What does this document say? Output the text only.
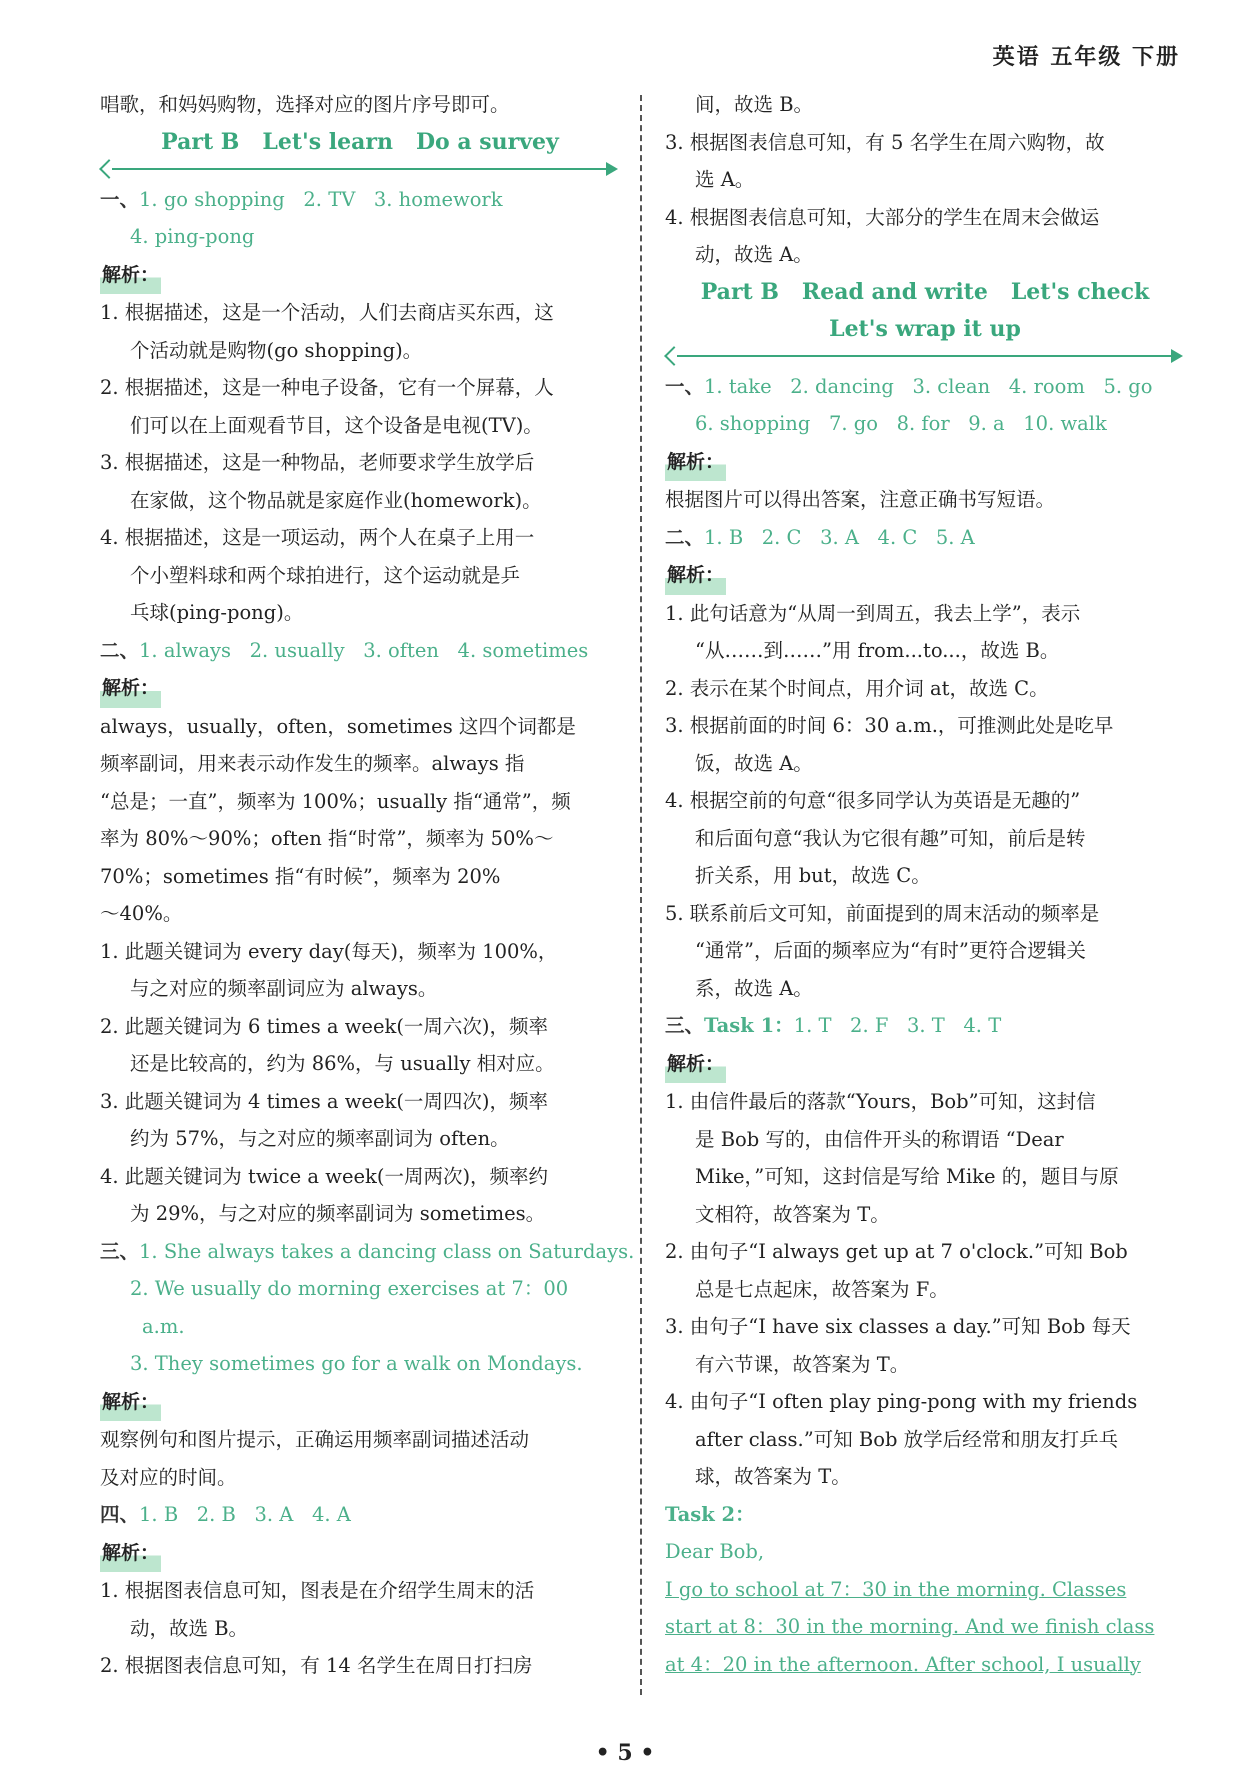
英语 五年级 下册
唱歌，和妈妈购物，选择对应的图片序号即可。
Part B   Let's learn   Do a survey
一、1. go shopping   2. TV   3. homework
4. ping-pong
解析：
1. 根据描述，这是一个活动，人们去商店买东西，这
个活动就是购物(go shopping)。
2. 根据描述，这是一种电子设备，它有一个屏幕，人
们可以在上面观看节目，这个设备是电视(TV)。
3. 根据描述，这是一种物品，老师要求学生放学后
在家做，这个物品就是家庭作业(homework)。
4. 根据描述，这是一项运动，两个人在桌子上用一
个小塑料球和两个球拍进行，这个运动就是乒
乓球(ping-pong)。
二、1. always   2. usually   3. often   4. sometimes
解析：
always，usually，often，sometimes 这四个词都是
频率副词，用来表示动作发生的频率。always 指
“总是；一直”，频率为 100%；usually 指“通常”，频
率为 80%～90%；often 指“时常”，频率为 50%～
70%；sometimes 指“有时候”，频率为 20%
～40%。
1. 此题关键词为 every day(每天)，频率为 100%，
与之对应的频率副词应为 always。
2. 此题关键词为 6 times a week(一周六次)，频率
还是比较高的，约为 86%，与 usually 相对应。
3. 此题关键词为 4 times a week(一周四次)，频率
约为 57%，与之对应的频率副词为 often。
4. 此题关键词为 twice a week(一周两次)，频率约
为 29%，与之对应的频率副词为 sometimes。
三、1. She always takes a dancing class on Saturdays.
2. We usually do morning exercises at 7：00
a.m.
3. They sometimes go for a walk on Mondays.
解析：
观察例句和图片提示，正确运用频率副词描述活动
及对应的时间。
四、1. B   2. B   3. A   4. A
解析：
1. 根据图表信息可知，图表是在介绍学生周末的活
动，故选 B。
2. 根据图表信息可知，有 14 名学生在周日打扫房
间，故选 B。
3. 根据图表信息可知，有 5 名学生在周六购物，故
选 A。
4. 根据图表信息可知，大部分的学生在周末会做运
动，故选 A。
Part B   Read and write   Let's check
Let's wrap it up
一、1. take   2. dancing   3. clean   4. room   5. go
6. shopping   7. go   8. for   9. a   10. walk
解析：
根据图片可以得出答案，注意正确书写短语。
二、1. B   2. C   3. A   4. C   5. A
解析：
1. 此句话意为“从周一到周五，我去上学”，表示
“从……到……”用 from...to...，故选 B。
2. 表示在某个时间点，用介词 at，故选 C。
3. 根据前面的时间 6：30 a.m.，可推测此处是吃早
饭，故选 A。
4. 根据空前的句意“很多同学认为英语是无趣的”
和后面句意“我认为它很有趣”可知，前后是转
折关系，用 but，故选 C。
5. 联系前后文可知，前面提到的周末活动的频率是
“通常”，后面的频率应为“有时”更符合逻辑关
系，故选 A。
三、Task 1：1. T   2. F   3. T   4. T
解析：
1. 由信件最后的落款“Yours，Bob”可知，这封信
是 Bob 写的，由信件开头的称谓语 “Dear
Mike，”可知，这封信是写给 Mike 的，题目与原
文相符，故答案为 T。
2. 由句子“I always get up at 7 o'clock.”可知 Bob
总是七点起床，故答案为 F。
3. 由句子“I have six classes a day.”可知 Bob 每天
有六节课，故答案为 T。
4. 由句子“I often play ping-pong with my friends
after class.”可知 Bob 放学后经常和朋友打乒乓
球，故答案为 T。
Task 2：
Dear Bob,
I go to school at 7：30 in the morning. Classes
start at 8：30 in the morning. And we finish class
at 4：20 in the afternoon. After school, I usually
• 5 •
